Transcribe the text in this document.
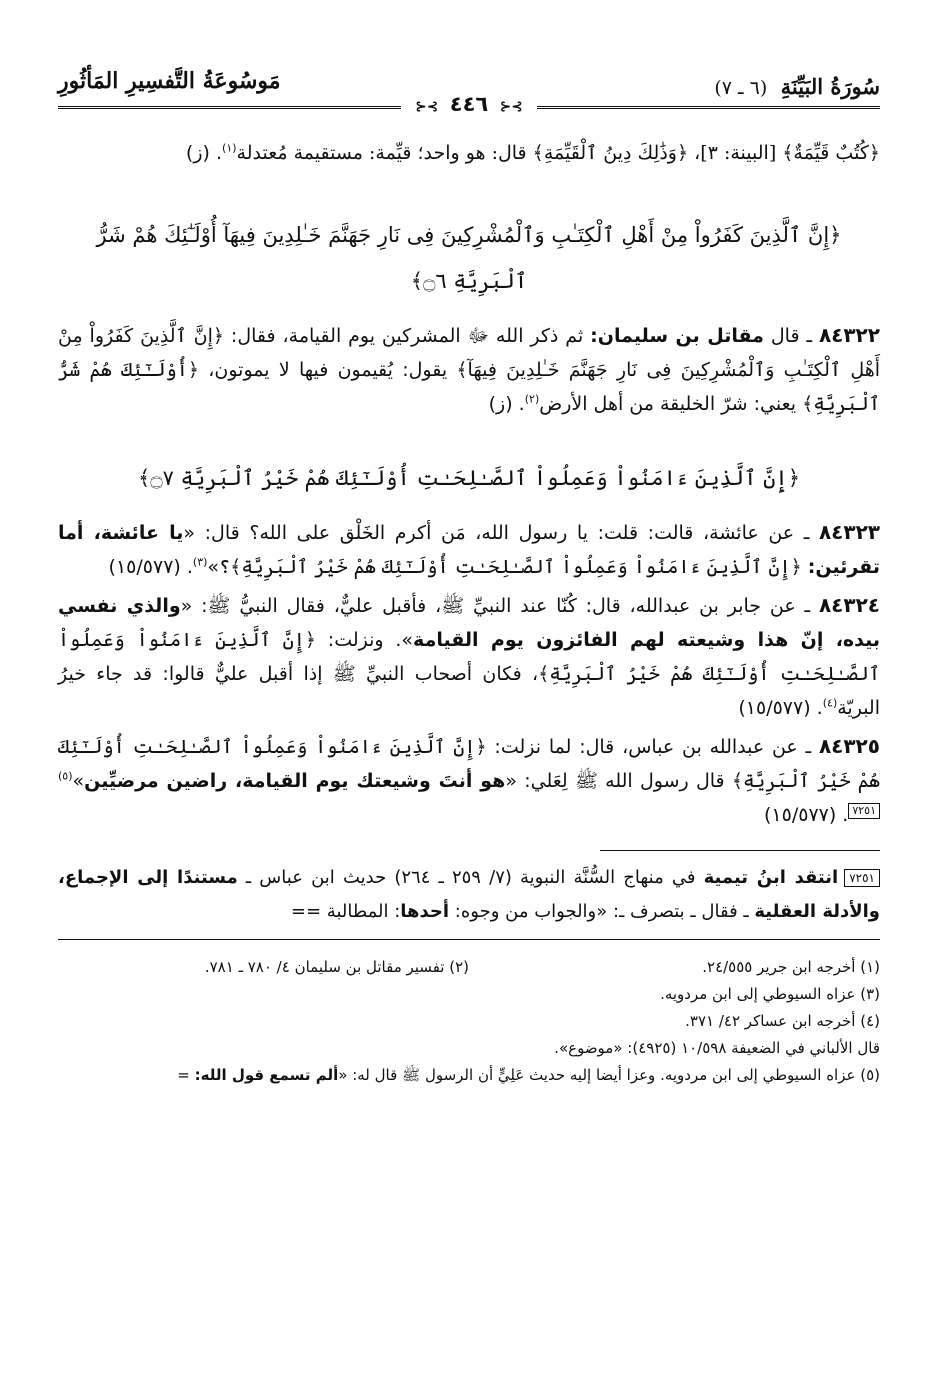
سُورَةُ البَيِّنَةِ (٦ ـ ٧)
⊱⊰ ٤٤٦ ⊱⊰
مَوسُوعَةُ التَّفسِيرِ المَأثُورِ

﴿كُتُبٌ قَيِّمَةٌ﴾ [البينة: ٣]، ﴿وَذَٰلِكَ دِينُ ٱلْقَيِّمَةِ﴾ قال: هو واحد؛ قيِّمة: مستقيمة مُعتدلة$^{(١)}$. (ز)

﴿إِنَّ ٱلَّذِينَ كَفَرُواْ مِنْ أَهْلِ ٱلْكِتَـٰبِ وَٱلْمُشْرِكِينَ فِى نَارِ جَهَنَّمَ خَـٰلِدِينَ فِيهَآ أُوْلَـٰٓئِكَ هُمْ شَرُّ

ٱلْبَرِيَّةِ ۝٦﴾

٨٤٣٢٢ ـ قال مقاتل بن سليمان: ثم ذكر الله ﷻ المشركين يوم القيامة، فقال: ﴿إِنَّ ٱلَّذِينَ كَفَرُواْ مِنْ أَهْلِ ٱلْكِتَـٰبِ وَٱلْمُشْرِكِينَ فِى نَارِ جَهَنَّمَ خَـٰلِدِينَ فِيهَآ﴾ يقول: يُقيمون فيها لا يموتون، ﴿أُوْلَـٰٓئِكَ هُمْ شَرُّ ٱلْبَرِيَّةِ﴾ يعني: شرّ الخليقة من أهل الأرض$^{(٢)}$. (ز)

﴿إِنَّ ٱلَّذِينَ ءَامَنُواْ وَعَمِلُواْ ٱلصَّـٰلِحَـٰتِ أُوْلَـٰٓئِكَ هُمْ خَيْرُ ٱلْبَرِيَّةِ ۝٧﴾

٨٤٣٢٣ ـ عن عائشة، قالت: قلت: يا رسول الله، مَن أكرم الخَلْق على الله؟ قال: «يا عائشة، أما تقرئين: ﴿إِنَّ ٱلَّذِينَ ءَامَنُواْ وَعَمِلُواْ ٱلصَّـٰلِحَـٰتِ أُوْلَـٰٓئِكَ هُمْ خَيْرُ ٱلْبَرِيَّةِ﴾؟»$^{(٣)}$. (١٥/٥٧٧)

٨٤٣٢٤ ـ عن جابر بن عبدالله، قال: كُنّا عند النبيِّ ﷺ، فأقبل عليٌّ، فقال النبيُّ ﷺ: «والذي نفسي بيده، إنّ هذا وشيعته لهم الفائزون يوم القيامة». ونزلت: ﴿إِنَّ ٱلَّذِينَ ءَامَنُواْ وَعَمِلُواْ ٱلصَّـٰلِحَـٰتِ أُوْلَـٰٓئِكَ هُمْ خَيْرُ ٱلْبَرِيَّةِ﴾، فكان أصحاب النبيِّ ﷺ إذا أقبل عليٌّ قالوا: قد جاء خيرُ البريّة$^{(٤)}$. (١٥/٥٧٧)

٨٤٣٢٥ ـ عن عبدالله بن عباس، قال: لما نزلت: ﴿إِنَّ ٱلَّذِينَ ءَامَنُواْ وَعَمِلُواْ ٱلصَّـٰلِحَـٰتِ أُوْلَـٰٓئِكَ هُمْ خَيْرُ ٱلْبَرِيَّةِ﴾ قال رسول الله ﷺ لِعَلي: «هو أنتَ وشيعتك يوم القيامة، راضين مرضيِّين»$^{(٥)}$٧٢٥١. (١٥/٥٧٧)

٧٢٥١انتقد ابنُ تيمية في منهاج السُّنَّة النبوية (٧/ ٢٥٩ ـ ٢٦٤) حديث ابن عباس ـ مستندًا إلى الإجماع، والأدلة العقلية ـ فقال ـ بتصرف ـ: «والجواب من وجوه: أحدها: المطالبة ==

(١) أخرجه ابن جرير ٢٤/٥٥٥.
(٢) تفسير مقاتل بن سليمان ٤/ ٧٨٠ ـ ٧٨١.
(٣) عزاه السيوطي إلى ابن مردويه.
(٤) أخرجه ابن عساكر ٤٢/ ٣٧١.
قال الألباني في الضعيفة ١٠/٥٩٨ (٤٩٢٥): «موضوع».
(٥) عزاه السيوطي إلى ابن مردويه. وعزا أيضا إليه حديث عَلِيٍّ أن الرسول ﷺ قال له: «ألم تسمع قول الله: =
